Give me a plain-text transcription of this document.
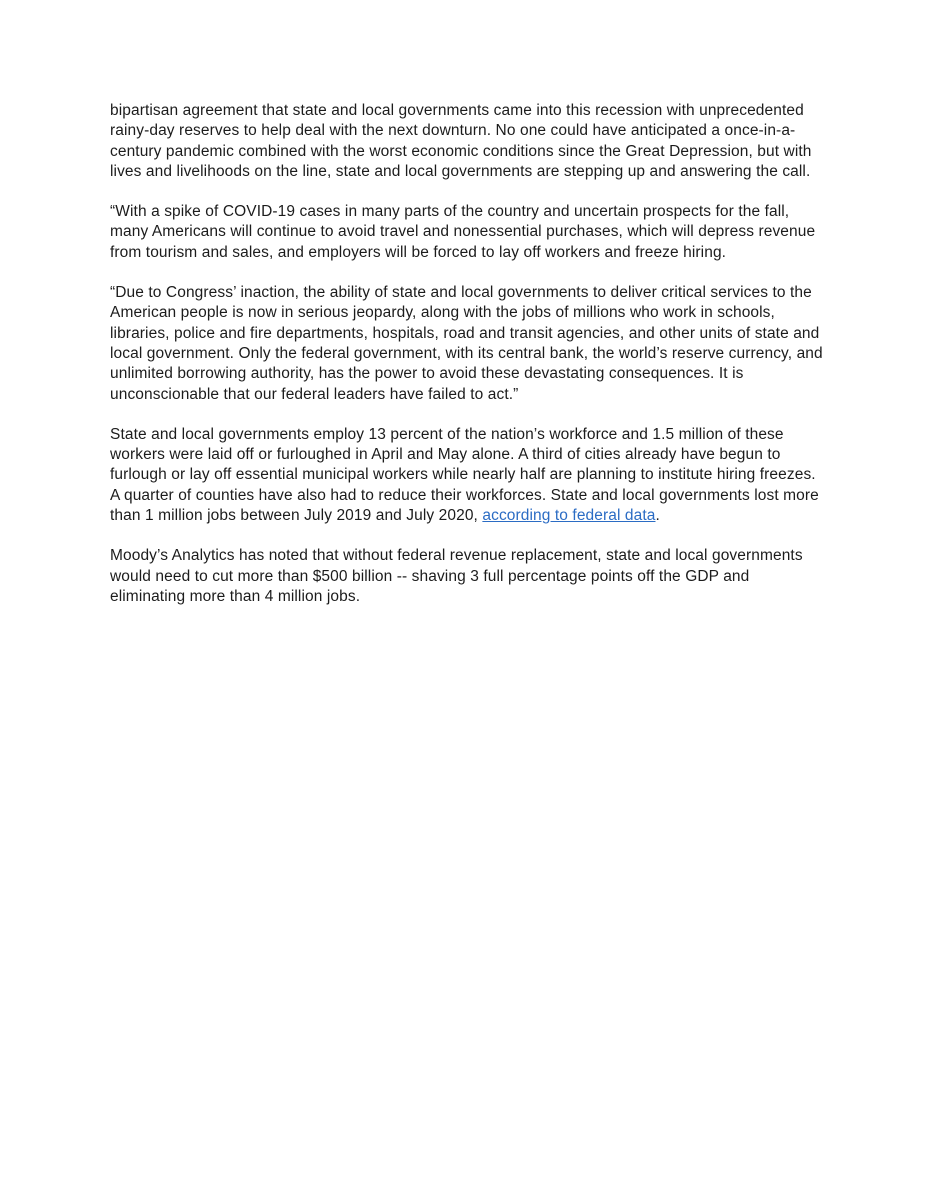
bipartisan agreement that state and local governments came into this recession with unprecedented rainy-day reserves to help deal with the next downturn. No one could have anticipated a once-in-a-century pandemic combined with the worst economic conditions since the Great Depression, but with lives and livelihoods on the line, state and local governments are stepping up and answering the call.

“With a spike of COVID-19 cases in many parts of the country and uncertain prospects for the fall, many Americans will continue to avoid travel and nonessential purchases, which will depress revenue from tourism and sales, and employers will be forced to lay off workers and freeze hiring.

“Due to Congress’ inaction, the ability of state and local governments to deliver critical services to the American people is now in serious jeopardy, along with the jobs of millions who work in schools, libraries, police and fire departments, hospitals, road and transit agencies, and other units of state and local government. Only the federal government, with its central bank, the world’s reserve currency, and unlimited borrowing authority, has the power to avoid these devastating consequences. It is unconscionable that our federal leaders have failed to act.”

State and local governments employ 13 percent of the nation’s workforce and 1.5 million of these workers were laid off or furloughed in April and May alone. A third of cities already have begun to furlough or lay off essential municipal workers while nearly half are planning to institute hiring freezes. A quarter of counties have also had to reduce their workforces. State and local governments lost more than 1 million jobs between July 2019 and July 2020, according to federal data.

Moody’s Analytics has noted that without federal revenue replacement, state and local governments would need to cut more than $500 billion -- shaving 3 full percentage points off the GDP and eliminating more than 4 million jobs.
